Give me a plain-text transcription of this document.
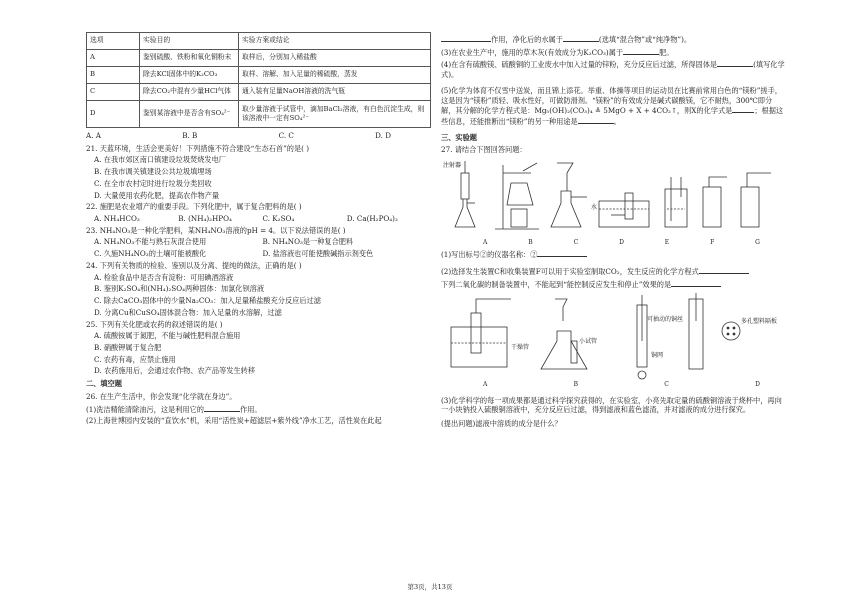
选项	实验目的	实验方案或结论
A	鉴别硫酸、铁粉和氧化铜粉末	取样后，分别加入稀盐酸
B	除去KCl固体中的K₂CO₃	取样、溶解、加入足量的稀硫酸，蒸发
C	除去CO₂中混有少量HCl气体	通入装有足量NaOH溶液的洗气瓶
D	鉴别某溶液中是否含有SO₄²⁻	取少量溶液于试管中，滴加BaCl₂溶液，有白色沉淀生成，则该溶液中一定有SO₄²⁻
A. A	B. B	C. C	D. D
21. 天蓝环境，生活会更美好！下列措施不符合建设“生态石首”的是( )
A. 在我市郊区南口镇建设垃圾焚烧发电厂
B. 在我市调关镇建设公共垃圾填埋场
C. 在全市农村定时进行垃圾分类回收
D. 大量使用农药化肥，提高农作物产量
22. 施肥是农业增产的重要手段。下列化肥中，属于复合肥料的是( )
A. NH₄HCO₃	B. (NH₄)₂HPO₄	C. K₂SO₄	D. Ca(H₂PO₄)₂
23. NH₄NO₃是一种化学肥料，某NH₄NO₃溶液的pH = 4。以下说法错误的是( )
A. NH₄NO₃不能与熟石灰混合使用	B. NH₄NO₃是一种复合肥料
C. 久施NH₄NO₃的土壤可能被酸化	D. 盐溶液也可能使酸碱指示剂变色
24. 下列有关物质的检验、鉴别以及分离、提纯的做法，正确的是( )
A. 检验食品中是否含有淀粉：可用碘酒溶液
B. 鉴别K₂SO₄和(NH₄)₂SO₄两种固体：加氯化钡溶液
C. 除去CaCO₃固体中的少量Na₂CO₃：加入足量稀盐酸充分反应后过滤
D. 分离Cu和CuSO₄固体混合物：加入足量的水溶解，过滤
25. 下列有关化肥或农药的叙述错误的是( )
A. 硫酸铵属于氮肥，不能与碱性肥料混合施用
B. 硝酸钾属于复合肥
C. 农药有毒，应禁止施用
D. 农药施用后，会通过农作物、农产品等发生转移
二、填空题
26. 在生产生活中，你会发现“化学就在身边”。
(1)洗洁精能清除油污，这是利用它的	作用。
(2)上海世博园内安装的“直饮水”机，采用“活性炭+超滤层+紫外线”净水工艺，活性炭在此起
作用，净化后的水属于	(选填“混合物”或“纯净物”)。
(3)在农业生产中，施用的草木灰(有效成分为K₂CO₃)属于	肥。
(4)在含有硫酸镁、硫酸铜的工业废水中加入过量的锌粉，充分反应后过滤，所得固体是	(填写化学式)。
(5)化学为体育不仅雪中送炭，而且锦上添花。举重、体操等项目的运动员在比赛前常用白色的“镁粉”搓手，这是因为“镁粉”质轻、吸水性好，可做防滑剂。“镁粉”的有效成分是碱式碳酸镁，它不耐热，300℃即分解，其分解的化学方程式是：Mg₅(OH)₂(CO₃)₄ ≜ 5MgO + X + 4CO₂↑，则X的化学式是	；根据这些信息，还能推断出“镁粉”的另一种用途是	。
三、实验题
27. 请结合下图回答问题：
注射器
水
A	B	C	D	E	F	G
(1)写出标号②的仪器名称：②
(2)选择发生装置C和收集装置F可以用于实验室制取CO₂，发生反应的化学方程式
下列二氧化碳的制备装置中，不能起到“能控制反应发生和停止”效果的是
干燥管
小试管
可抽动的铜丝
铜网
多孔塑料隔板
A	B	C	D
(3)化学科学的每一项成果都是通过科学探究获得的，在实验室，小亮先取定量的硫酸铜溶液于烧杯中，再向一小块钠投入硫酸铜溶液中，充分反应后过滤，得到滤液和蓝色滤渣，并对滤液的成分进行探究。
(提出问题)滤液中溶质的成分是什么？
第3页，共13页
